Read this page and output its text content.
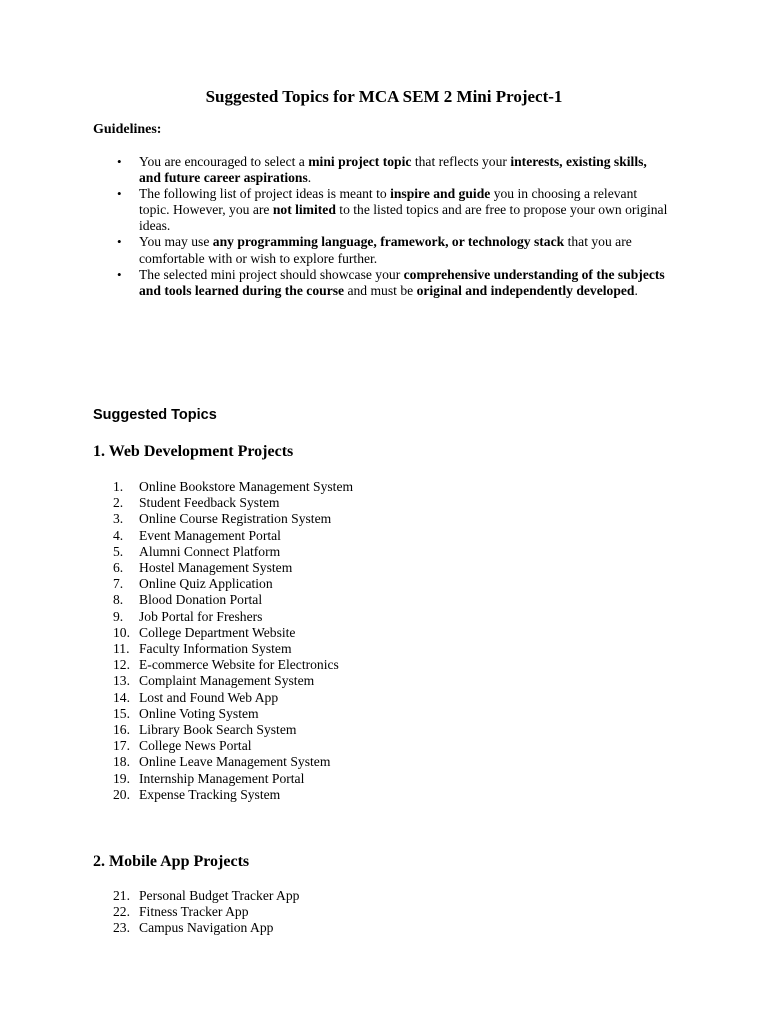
Suggested Topics for MCA SEM 2 Mini Project-1

Guidelines:

• You are encouraged to select a mini project topic that reflects your interests, existing skills, and future career aspirations.
• The following list of project ideas is meant to inspire and guide you in choosing a relevant topic. However, you are not limited to the listed topics and are free to propose your own original ideas.
• You may use any programming language, framework, or technology stack that you are comfortable with or wish to explore further.
• The selected mini project should showcase your comprehensive understanding of the subjects and tools learned during the course and must be original and independently developed.
Suggested Topics
1. Web Development Projects
1.	Online Bookstore Management System
2.	Student Feedback System
3.	Online Course Registration System
4.	Event Management Portal
5.	Alumni Connect Platform
6.	Hostel Management System
7.	Online Quiz Application
8.	Blood Donation Portal
9.	Job Portal for Freshers
10. College Department Website
11. Faculty Information System
12. E-commerce Website for Electronics
13. Complaint Management System
14. Lost and Found Web App
15. Online Voting System
16. Library Book Search System
17. College News Portal
18. Online Leave Management System
19. Internship Management Portal
20. Expense Tracking System
2. Mobile App Projects
21. Personal Budget Tracker App
22. Fitness Tracker App
23. Campus Navigation App
